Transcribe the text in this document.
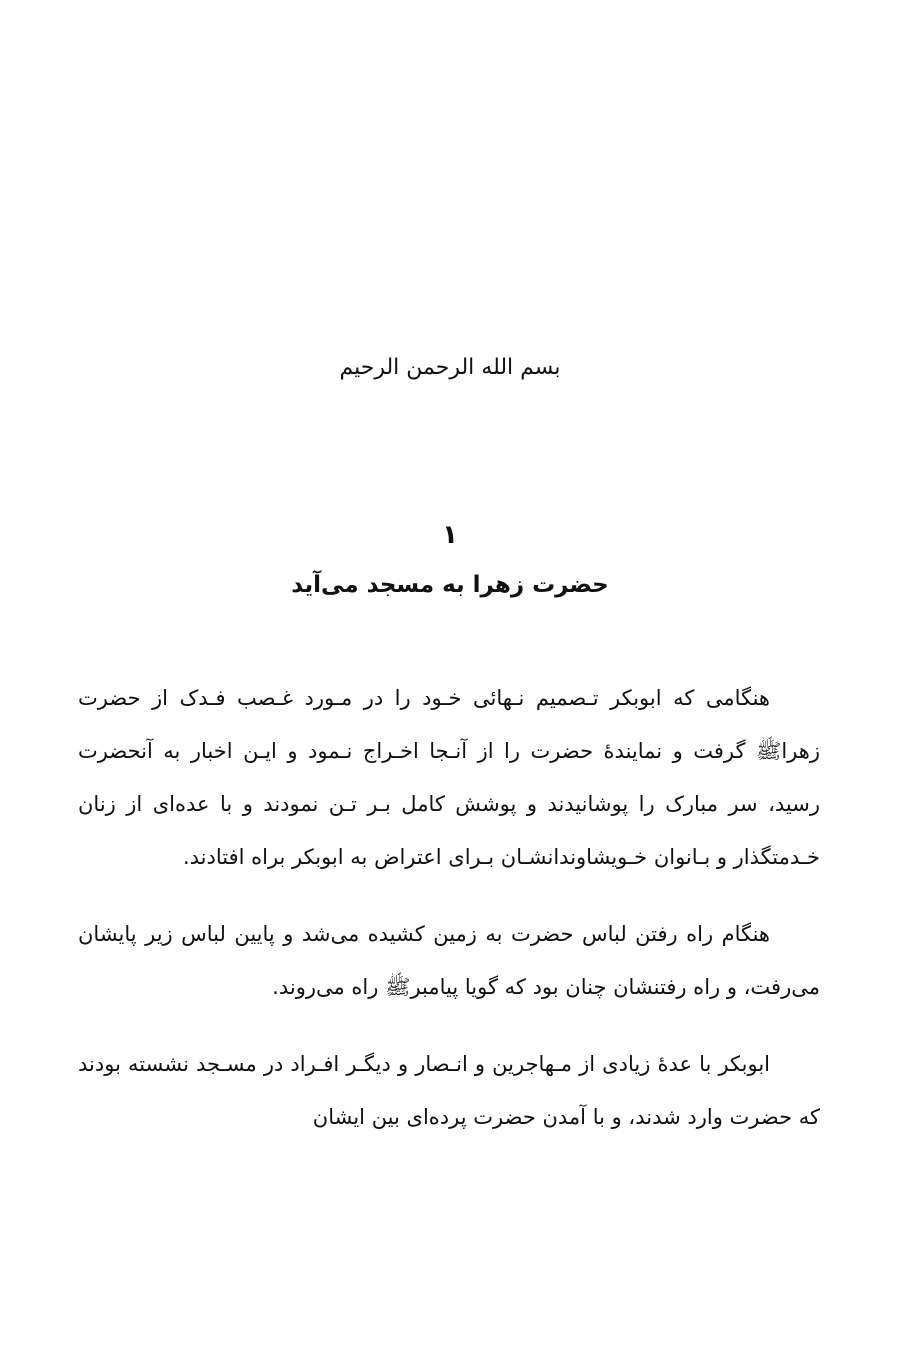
بسم الله الرحمن الرحیم
۱
حضرت زهرا به مسجد می‌آید

هنگامی که ابوبکر تـصمیم نـهائی خـود را در مـورد غـصب فـدک از حضرت زهراﷺ گرفت و نمایندهٔ حضرت را از آنـجا اخـراج نـمود و ایـن اخبار به آنحضرت رسید، سر مبارک را پوشانیدند و پوشش کامل بـر تـن نمودند و با عده‌ای از زنان خـدمتگذار و بـانوان خـویشاوندانشـان بـرای اعتراض به ابوبکر براه افتادند.

هنگام راه رفتن لباس حضرت به زمین کشیده می‌شد و پایین لباس زیر پایشان می‌رفت، و راه رفتنشان چنان بود که گویا پیامبرﷺ راه می‌روند.

ابوبکر با عدهٔ زیادی از مـهاجرین و انـصار و دیگـر افـراد در مسـجد نشسته بودند که حضرت وارد شدند، و با آمدن حضرت پرده‌ای بین ایشان
